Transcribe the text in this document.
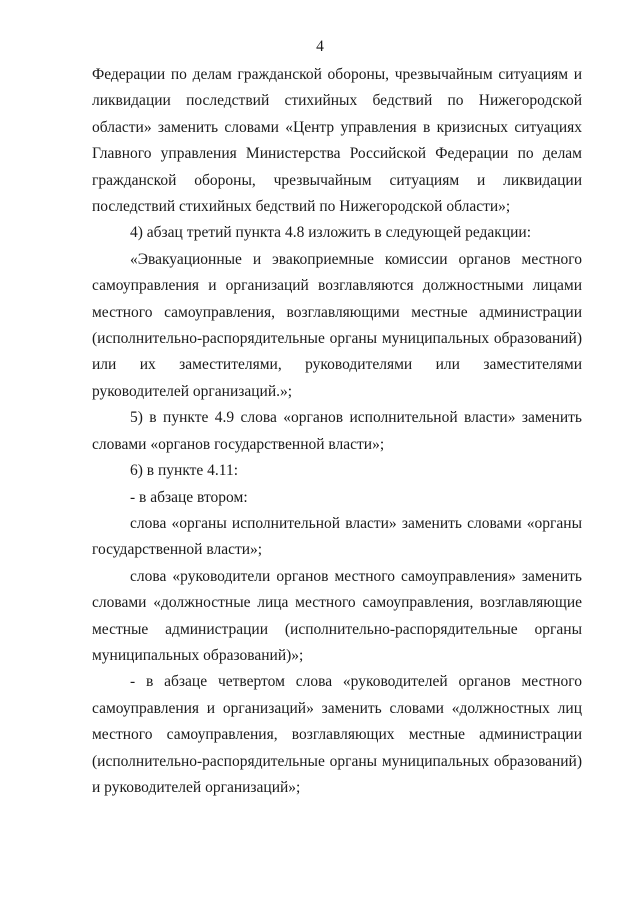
4

Федерации по делам гражданской обороны, чрезвычайным ситуациям и ликвидации последствий стихийных бедствий по Нижегородской области» заменить словами «Центр управления в кризисных ситуациях Главного управления Министерства Российской Федерации по делам гражданской обороны, чрезвычайным ситуациям и ликвидации последствий стихийных бедствий по Нижегородской области»;

4) абзац третий пункта 4.8 изложить в следующей редакции:

«Эвакуационные и эвакоприемные комиссии органов местного самоуправления и организаций возглавляются должностными лицами местного самоуправления, возглавляющими местные администрации (исполнительно-распорядительные органы муниципальных образований) или их заместителями, руководителями или заместителями руководителей организаций.»;

5) в пункте 4.9 слова «органов исполнительной власти» заменить словами «органов государственной власти»;

6) в пункте 4.11:

- в абзаце втором:

слова «органы исполнительной власти» заменить словами «органы государственной власти»;

слова «руководители органов местного самоуправления» заменить словами «должностные лица местного самоуправления, возглавляющие местные администрации (исполнительно-распорядительные органы муниципальных образований)»;

- в абзаце четвертом слова «руководителей органов местного самоуправления и организаций» заменить словами «должностных лиц местного самоуправления, возглавляющих местные администрации (исполнительно-распорядительные органы муниципальных образований) и руководителей организаций»;
